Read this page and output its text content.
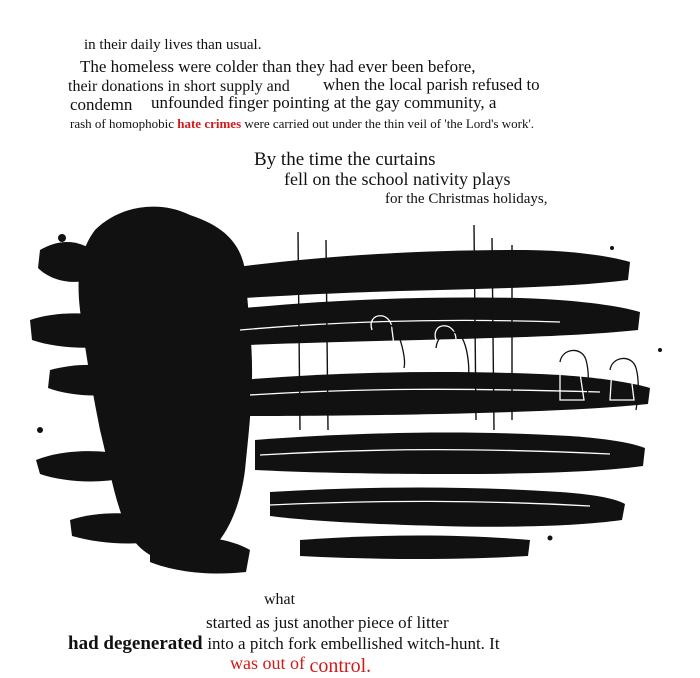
in their daily lives than usual.
The homeless were colder than they had ever been before,
their donations in short supply and when the local parish refused to
condemn unfounded finger pointing at the gay community, a
rash of homophobic hate crimes were carried out under the thin veil of 'the Lord's work'.
By the time the curtains
fell on the school nativity plays
for the Christmas holidays,
what
started as just another piece of litter
had degenerated into a pitch fork embellished witch-hunt. It
was out of control.
